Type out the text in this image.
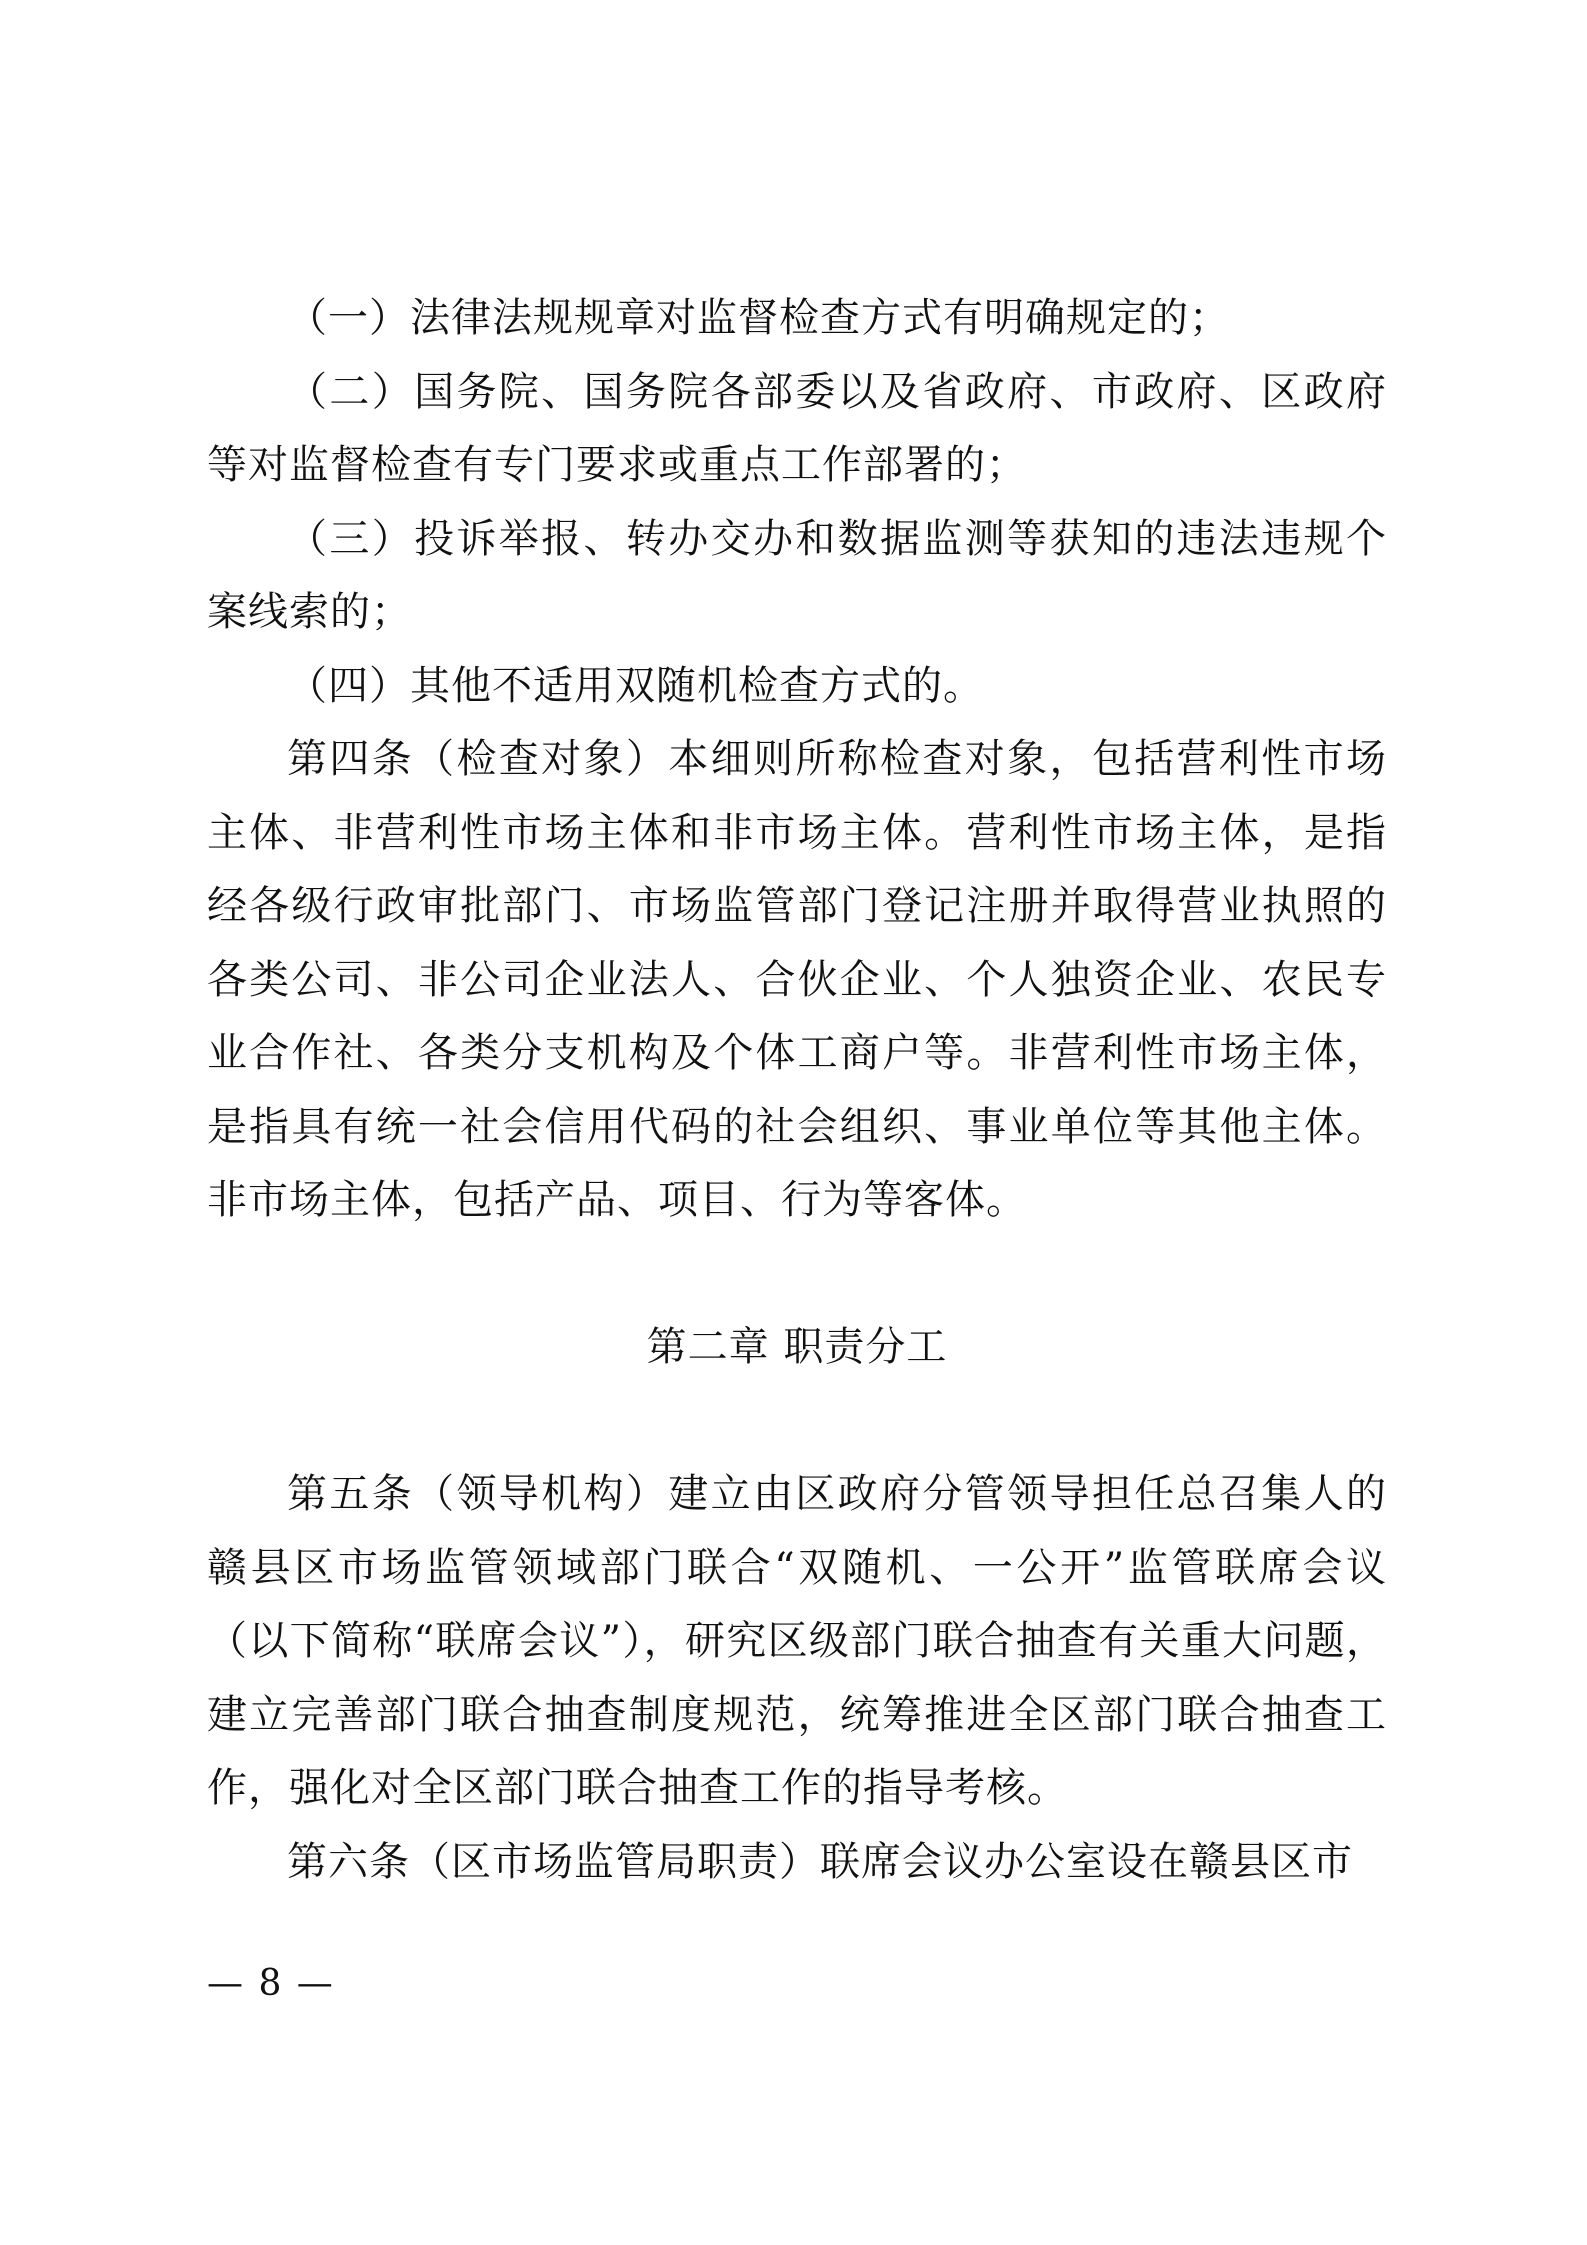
（一）法律法规规章对监督检查方式有明确规定的；

（二）国务院、国务院各部委以及省政府、市政府、区政府等对监督检查有专门要求或重点工作部署的；

（三）投诉举报、转办交办和数据监测等获知的违法违规个案线索的；

（四）其他不适用双随机检查方式的。

第四条（检查对象）本细则所称检查对象，包括营利性市场主体、非营利性市场主体和非市场主体。营利性市场主体，是指经各级行政审批部门、市场监管部门登记注册并取得营业执照的各类公司、非公司企业法人、合伙企业、个人独资企业、农民专业合作社、各类分支机构及个体工商户等。非营利性市场主体，是指具有统一社会信用代码的社会组织、事业单位等其他主体。非市场主体，包括产品、项目、行为等客体。

第二章 职责分工

第五条（领导机构）建立由区政府分管领导担任总召集人的赣县区市场监管领域部门联合“双随机、一公开”监管联席会议（以下简称“联席会议”），研究区级部门联合抽查有关重大问题，建立完善部门联合抽查制度规范，统筹推进全区部门联合抽查工作，强化对全区部门联合抽查工作的指导考核。

第六条（区市场监管局职责）联席会议办公室设在赣县区市

— 8 —
